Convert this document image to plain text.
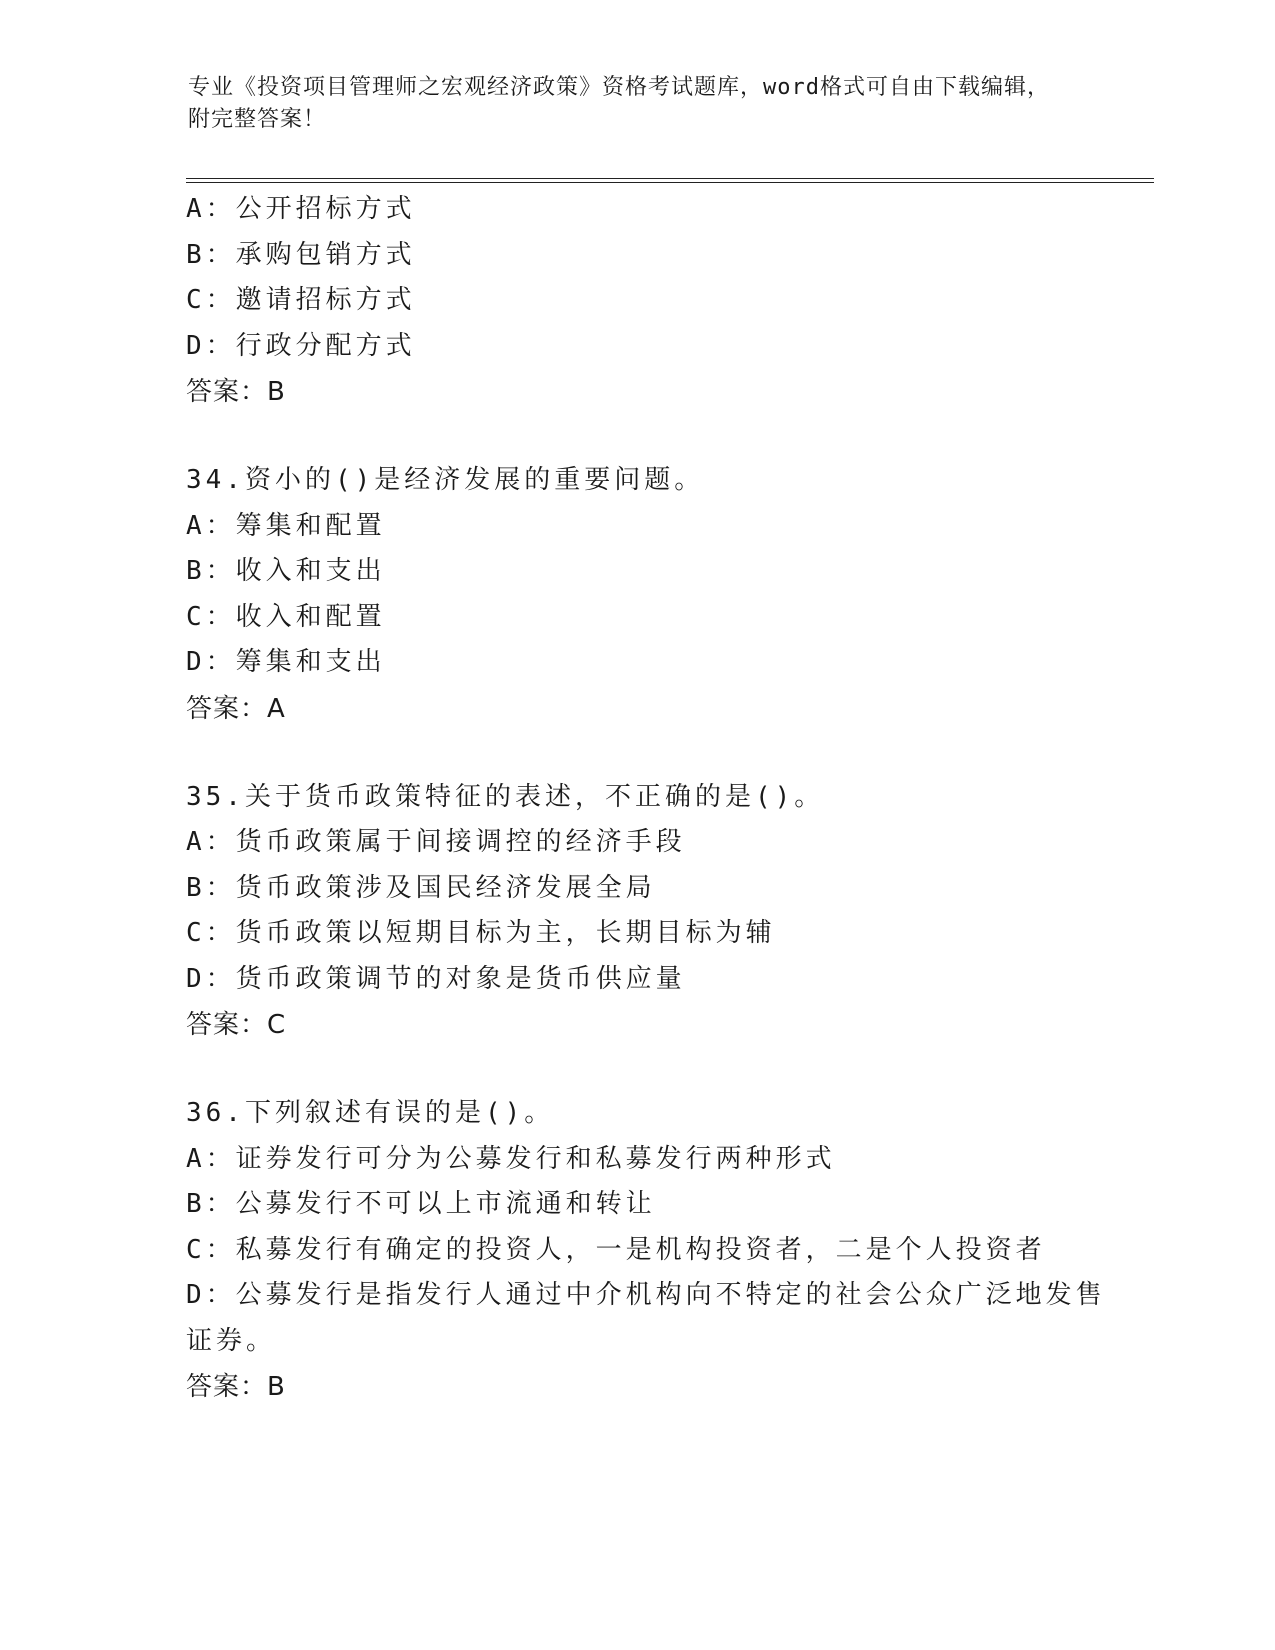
专业《投资项目管理师之宏观经济政策》资格考试题库，word格式可自由下载编辑，附完整答案！
A：公开招标方式
B：承购包销方式
C：邀请招标方式
D：行政分配方式
答案：B
34.资小的()是经济发展的重要问题。
A：筹集和配置
B：收入和支出
C：收入和配置
D：筹集和支出
答案：A
35.关于货币政策特征的表述，不正确的是()。
A：货币政策属于间接调控的经济手段
B：货币政策涉及国民经济发展全局
C：货币政策以短期目标为主，长期目标为辅
D：货币政策调节的对象是货币供应量
答案：C
36.下列叙述有误的是()。
A：证券发行可分为公募发行和私募发行两种形式
B：公募发行不可以上市流通和转让
C：私募发行有确定的投资人，一是机构投资者，二是个人投资者
D：公募发行是指发行人通过中介机构向不特定的社会公众广泛地发售
证券。
答案：B
